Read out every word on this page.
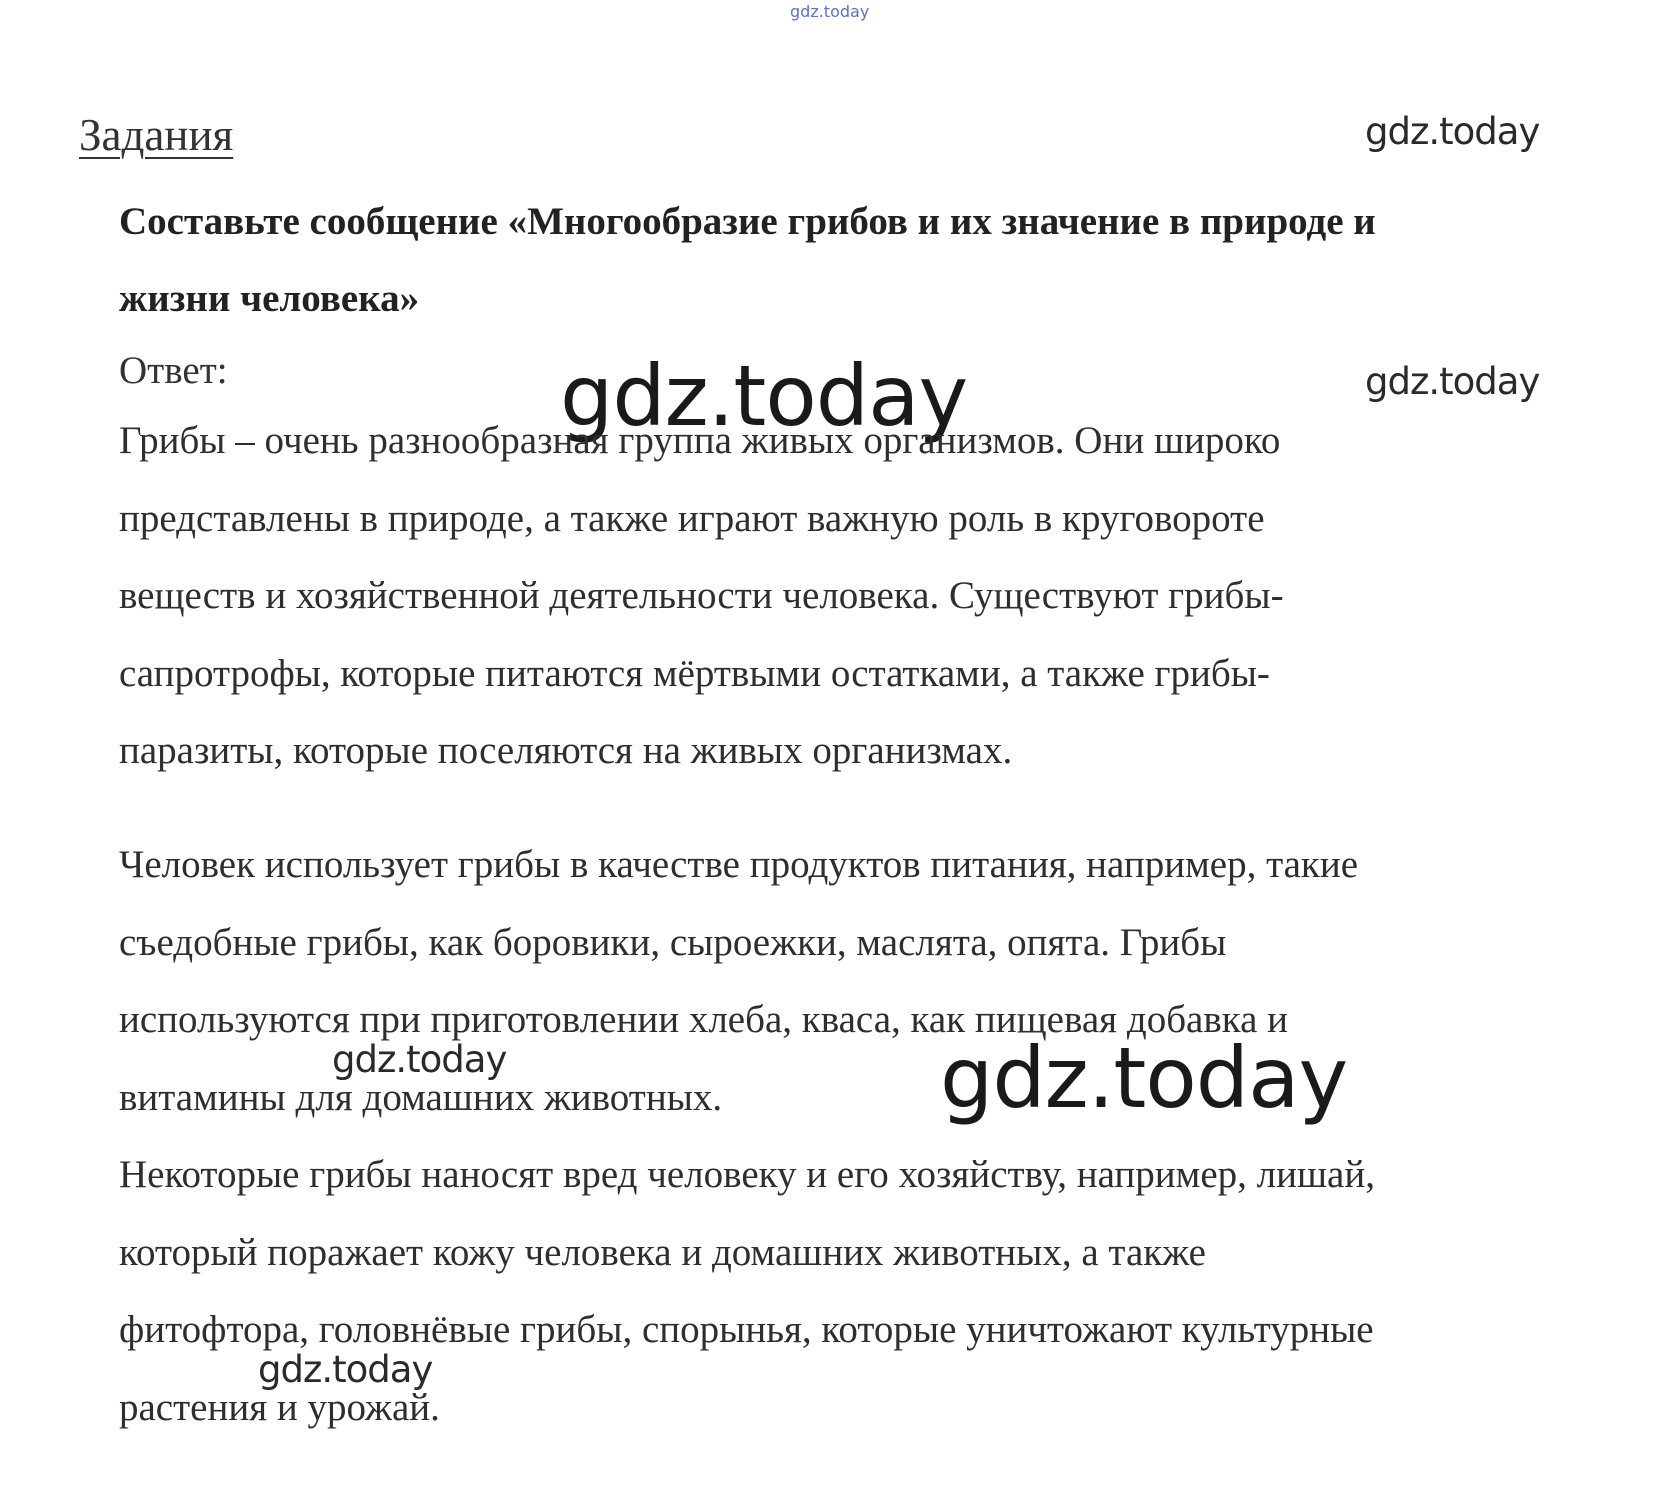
gdz.today
Задания	gdz.today

Составьте сообщение «Многообразие грибов и их значение в природе и
жизни человека»

Ответ:	gdz.today	gdz.today

Грибы – очень разнообразная группа живых организмов. Они широко
представлены в природе, а также играют важную роль в круговороте
веществ и хозяйственной деятельности человека. Существуют грибы-
сапротрофы, которые питаются мёртвыми остатками, а также грибы-
паразиты, которые поселяются на живых организмах.

Человек использует грибы в качестве продуктов питания, например, такие
съедобные грибы, как боровики, сыроежки, маслята, опята. Грибы
используются при приготовлении хлеба, кваса, как пищевая добавка и
витамины для домашних животных.

gdz.today	gdz.today

Некоторые грибы наносят вред человеку и его хозяйству, например, лишай,
который поражает кожу человека и домашних животных, а также
фитофтора, головнёвые грибы, спорынья, которые уничтожают культурные
растения и урожай.

gdz.today
